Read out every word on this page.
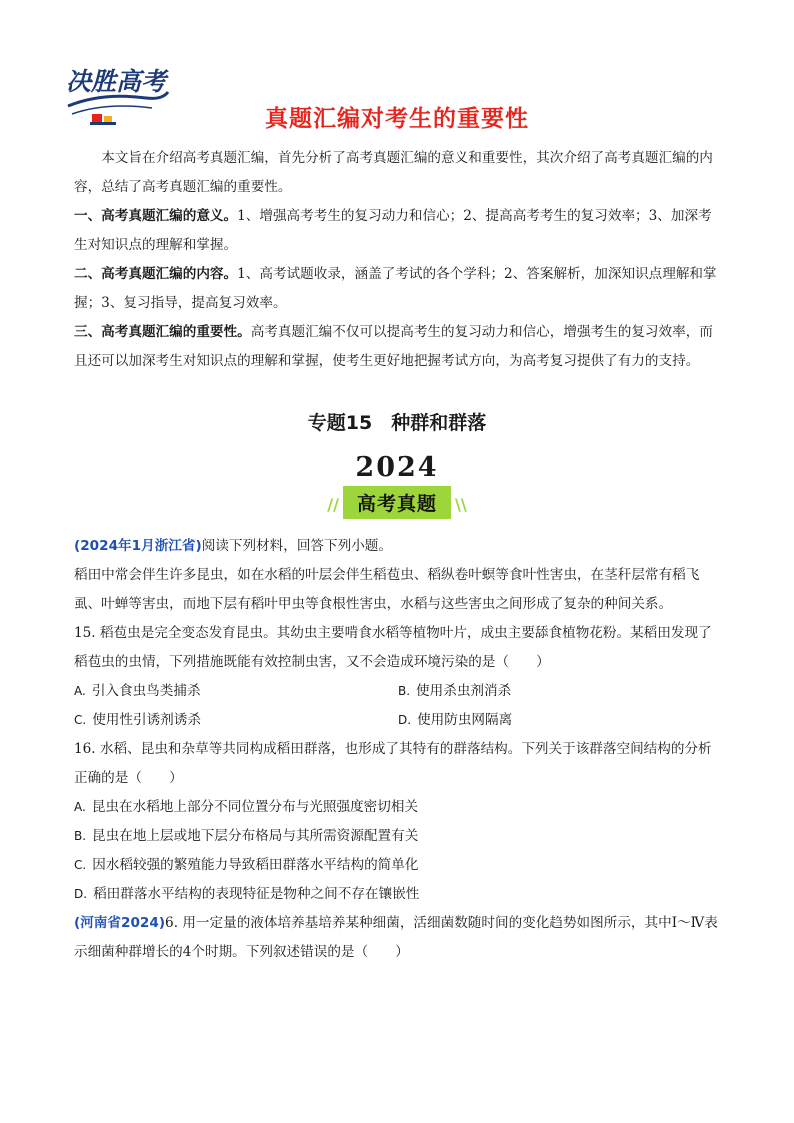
决胜高考
真题汇编对考生的重要性

本文旨在介绍高考真题汇编，首先分析了高考真题汇编的意义和重要性，其次介绍了高考真题汇编的内容，总结了高考真题汇编的重要性。

一、高考真题汇编的意义。1、增强高考考生的复习动力和信心；2、提高高考考生的复习效率；3、加深考生对知识点的理解和掌握。

二、高考真题汇编的内容。1、高考试题收录，涵盖了考试的各个学科；2、答案解析，加深知识点理解和掌握；3、复习指导，提高复习效率。

三、高考真题汇编的重要性。高考真题汇编不仅可以提高考生的复习动力和信心，增强考生的复习效率，而且还可以加深考生对知识点的理解和掌握，使考生更好地把握考试方向，为高考复习提供了有力的支持。

专题15　种群和群落
2024
// 高考真题 \\

(2024年1月浙江省)阅读下列材料，回答下列小题。

稻田中常会伴生许多昆虫，如在水稻的叶层会伴生稻苞虫、稻纵卷叶螟等食叶性害虫，在茎秆层常有稻飞虱、叶蝉等害虫，而地下层有稻叶甲虫等食根性害虫，水稻与这些害虫之间形成了复杂的种间关系。

15. 稻苞虫是完全变态发育昆虫。其幼虫主要啃食水稻等植物叶片，成虫主要舔食植物花粉。某稻田发现了稻苞虫的虫情，下列措施既能有效控制虫害，又不会造成环境污染的是（　　）

A. 引入食虫鸟类捕杀	B. 使用杀虫剂消杀
C. 使用性引诱剂诱杀	D. 使用防虫网隔离

16. 水稻、昆虫和杂草等共同构成稻田群落，也形成了其特有的群落结构。下列关于该群落空间结构的分析正确的是（　　）

A. 昆虫在水稻地上部分不同位置分布与光照强度密切相关
B. 昆虫在地上层或地下层分布格局与其所需资源配置有关
C. 因水稻较强的繁殖能力导致稻田群落水平结构的简单化
D. 稻田群落水平结构的表现特征是物种之间不存在镶嵌性

(河南省2024)6. 用一定量的液体培养基培养某种细菌，活细菌数随时间的变化趋势如图所示，其中Ⅰ～Ⅳ表示细菌种群增长的4个时期。下列叙述错误的是（　　）
